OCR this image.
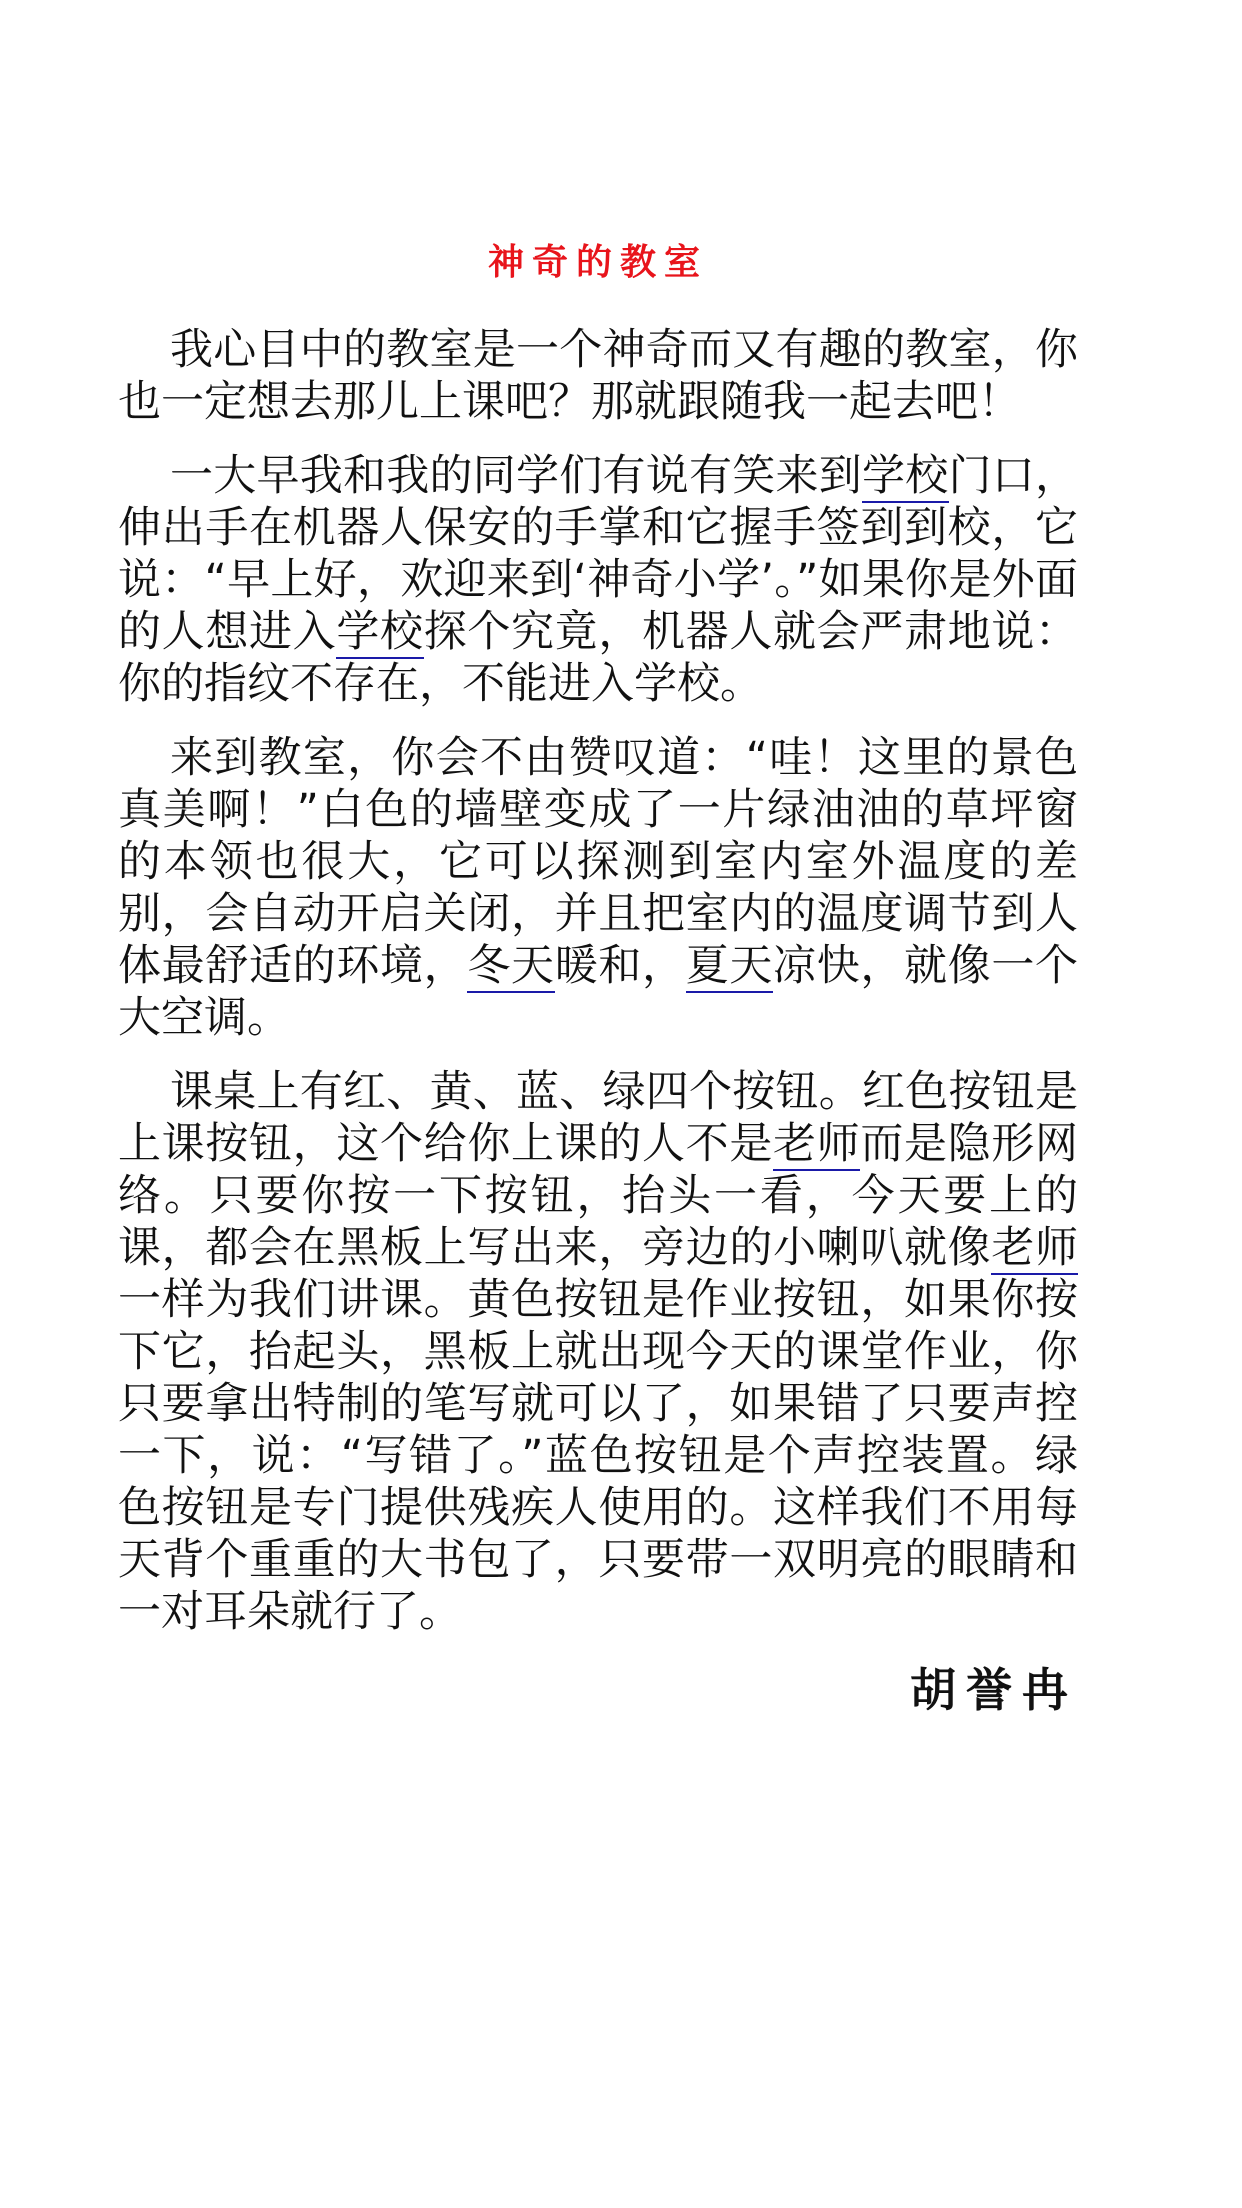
神奇的教室

我心目中的教室是一个神奇而又有趣的教室，你也一定想去那儿上课吧？那就跟随我一起去吧！

一大早我和我的同学们有说有笑来到学校门口，伸出手在机器人保安的手掌和它握手签到到校，它说：“早上好，欢迎来到‘神奇小学’。”如果你是外面的人想进入学校探个究竟，机器人就会严肃地说：你的指纹不存在，不能进入学校。

来到教室，你会不由赞叹道：“哇！这里的景色真美啊！”白色的墙壁变成了一片绿油油的草坪窗的本领也很大，它可以探测到室内室外温度的差别，会自动开启关闭，并且把室内的温度调节到人体最舒适的环境，冬天暖和，夏天凉快，就像一个大空调。

课桌上有红、黄、蓝、绿四个按钮。红色按钮是上课按钮，这个给你上课的人不是老师而是隐形网络。只要你按一下按钮，抬头一看，今天要上的课，都会在黑板上写出来，旁边的小喇叭就像老师一样为我们讲课。黄色按钮是作业按钮，如果你按下它，抬起头，黑板上就出现今天的课堂作业，你只要拿出特制的笔写就可以了，如果错了只要声控一下，说：“写错了。”蓝色按钮是个声控装置。绿色按钮是专门提供残疾人使用的。这样我们不用每天背个重重的大书包了，只要带一双明亮的眼睛和一对耳朵就行了。

胡誉冉
